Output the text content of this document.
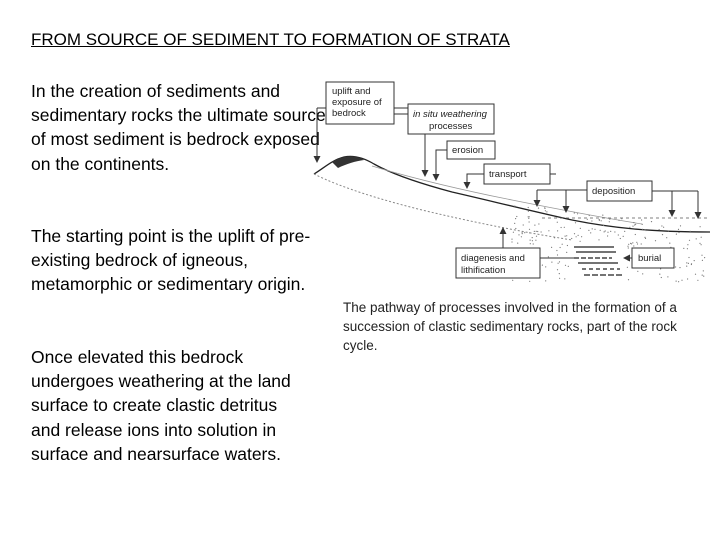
FROM SOURCE OF SEDIMENT TO FORMATION OF STRATA
In the creation of sediments and sedimentary rocks the ultimate source of most sediment is bedrock exposed on the continents.
The starting point is the uplift of pre-existing bedrock of igneous, metamorphic or sedimentary origin.
Once elevated this bedrock undergoes weathering at the land surface to create clastic detritus and release ions into solution in surface and nearsurface waters.
uplift and
exposure of
bedrock	in situ weathering
processes
erosion
transport
deposition
diagenesis and
lithification
burial
The pathway of processes involved in the formation of a succession of clastic sedimentary rocks, part of the rock cycle.
